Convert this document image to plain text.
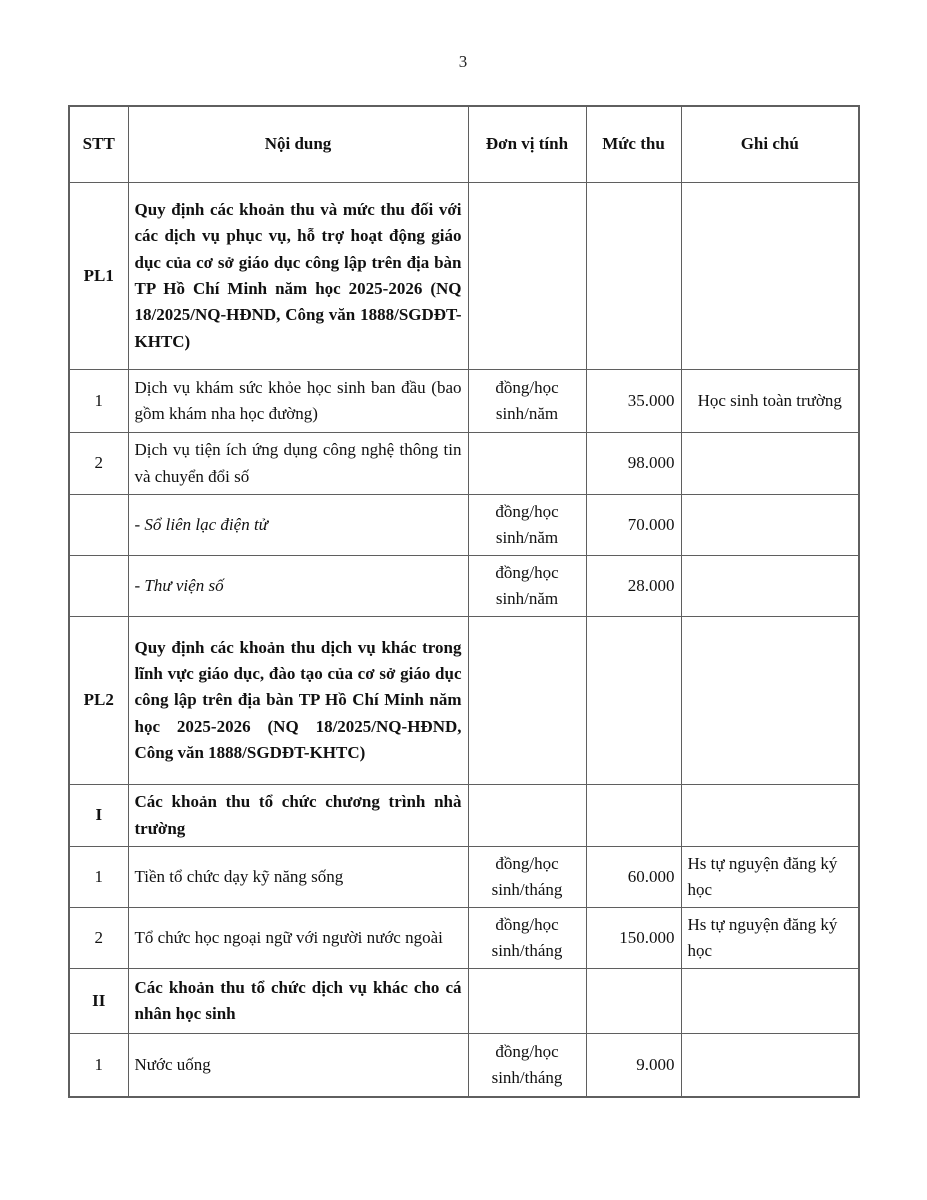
3
STT	Nội dung	Đơn vị tính	Mức thu	Ghi chú
PL1	Quy định các khoản thu và mức thu đối với các dịch vụ phục vụ, hỗ trợ hoạt động giáo dục của cơ sở giáo dục công lập trên địa bàn TP Hồ Chí Minh năm học 2025-2026 (NQ 18/2025/NQ-HĐND, Công văn 1888/SGDĐT-KHTC)			
1	Dịch vụ khám sức khỏe học sinh ban đầu (bao gồm khám nha học đường)	đồng/học sinh/năm	35.000	Học sinh toàn trường
2	Dịch vụ tiện ích ứng dụng công nghệ thông tin và chuyển đổi số		98.000	
	- Sổ liên lạc điện tử	đồng/học sinh/năm	70.000	
	- Thư viện số	đồng/học sinh/năm	28.000	
PL2	Quy định các khoản thu dịch vụ khác trong lĩnh vực giáo dục, đào tạo của cơ sở giáo dục công lập trên địa bàn TP Hồ Chí Minh năm học 2025-2026 (NQ 18/2025/NQ-HĐND, Công văn 1888/SGDĐT-KHTC)			
I	Các khoản thu tổ chức chương trình nhà trường			
1	Tiền tổ chức dạy kỹ năng sống	đồng/học sinh/tháng	60.000	Hs tự nguyện đăng ký học
2	Tổ chức học ngoại ngữ với người nước ngoài	đồng/học sinh/tháng	150.000	Hs tự nguyện đăng ký học
II	Các khoản thu tổ chức dịch vụ khác cho cá nhân học sinh			
1	Nước uống	đồng/học sinh/tháng	9.000	
